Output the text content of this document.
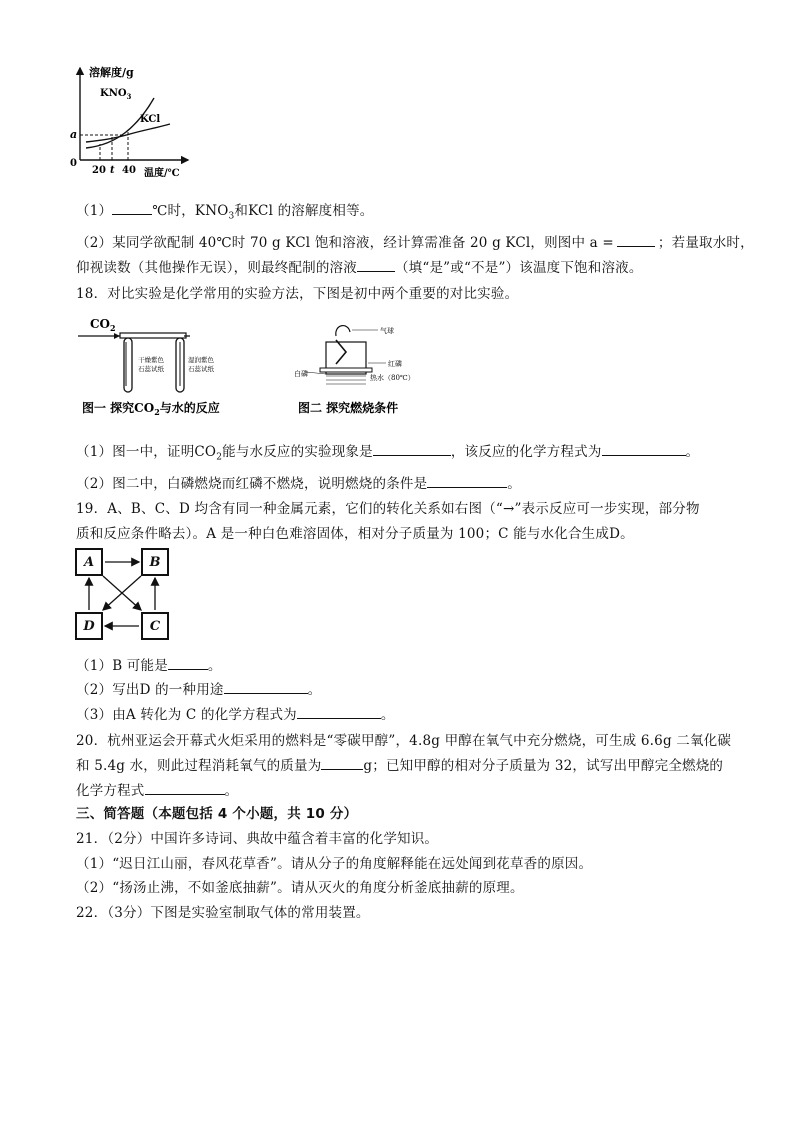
溶解度/g
$KNO_3$
KCl
a
0
20 t 40 温度/℃
（1）	℃时，$KNO_3$和KCl 的溶解度相等。
（2）某同学欲配制 40℃时 70 g KCl 饱和溶液，经计算需准备 20 g KCl，则图中 a =	；若量取水时，
仰视读数（其他操作无误），则最终配制的溶液	（填“是”或“不是”）该温度下饱和溶液。
18．对比实验是化学常用的实验方法，下图是初中两个重要的对比实验。
$CO_2$
干燥紫色
石蕊试纸
湿润紫色
石蕊试纸
图一 探究$CO_2$与水的反应
气球
红磷
白磷	热水（80℃）
图二 探究燃烧条件
（1）图一中，证明$CO_2$能与水反应的实验现象是	，该反应的化学方程式为	。
（2）图二中，白磷燃烧而红磷不燃烧，说明燃烧的条件是	。
19．A、B、C、D 均含有同一种金属元素，它们的转化关系如右图（“→”表示反应可一步实现，部分物
质和反应条件略去）。A 是一种白色难溶固体，相对分子质量为 100；C 能与水化合生成D。
A	B
C
D
（1）B 可能是	。
（2）写出D 的一种用途	。
（3）由A 转化为 C 的化学方程式为	。
20．杭州亚运会开幕式火炬采用的燃料是“零碳甲醇”，4.8g 甲醇在氧气中充分燃烧，可生成 6.6g 二氧化碳
和 5.4g 水，则此过程消耗氧气的质量为	g；已知甲醇的相对分子质量为 32，试写出甲醇完全燃烧的
化学方程式	。
三、简答题（本题包括 4 个小题，共 10 分）
21．（2分）中国许多诗词、典故中蕴含着丰富的化学知识。
（1）“迟日江山丽，春风花草香”。请从分子的角度解释能在远处闻到花草香的原因。
（2）“扬汤止沸，不如釜底抽薪”。请从灭火的角度分析釜底抽薪的原理。
22．（3分）下图是实验室制取气体的常用装置。
